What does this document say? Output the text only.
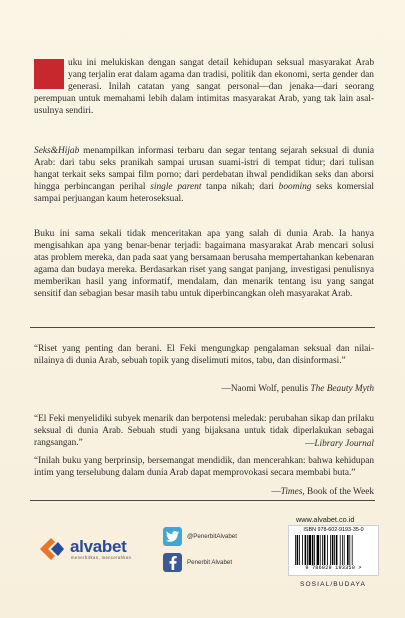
uku ini melukiskan dengan sangat detail kehidupan seksual masyarakat Arab yang terjalin erat dalam agama dan tradisi, politik dan ekonomi, serta gender dan generasi. Inilah catatan yang sangat personal—dan jenaka—dari seorang perempuan untuk memahami lebih dalam intimitas masyarakat Arab, yang tak lain asal-usulnya sendiri.

Seks&Hijab menampilkan informasi terbaru dan segar tentang sejarah seksual di dunia Arab: dari tabu seks pranikah sampai urusan suami-istri di tempat tidur; dari tulisan hangat terkait seks sampai film porno; dari perdebatan ihwal pendidikan seks dan aborsi hingga perbincangan perihal single parent tanpa nikah; dari booming seks komersial sampai perjuangan kaum heteroseksual.

Buku ini sama sekali tidak menceritakan apa yang salah di dunia Arab. Ia hanya mengisahkan apa yang benar-benar terjadi: bagaimana masyarakat Arab mencari solusi atas problem mereka, dan pada saat yang bersamaan berusaha mempertahankan kebenaran agama dan budaya mereka. Berdasarkan riset yang sangat panjang, investigasi penulisnya memberikan hasil yang informatif, mendalam, dan menarik tentang isu yang sangat sensitif dan sebagian besar masih tabu untuk diperbincangkan oleh masyarakat Arab.

“Riset yang penting dan berani. El Feki mengungkap pengalaman seksual dan nilai-nilainya di dunia Arab, sebuah topik yang diselimuti mitos, tabu, dan disinformasi.”

—Naomi Wolf, penulis The Beauty Myth

“El Feki menyelidiki subyek menarik dan berpotensi meledak: perubahan sikap dan prilaku seksual di dunia Arab. Sebuah studi yang bijaksana untuk tidak diperlakukan sebagai rangsangan.”	—Library Journal

“Inilah buku yang berprinsip, bersemangat mendidik, dan mencerahkan: bahwa kehidupan intim yang terselubung dalam dunia Arab dapat memprovokasi secara membabi buta.”

—Times, Book of the Week
alvabet
menerbitkan, mencerahkan
@PenerbitAlvabet
Penerbit Alvabet
www.alvabet.co.id
ISBN 978-602-9193-35-0
9 786029 193350 >
SOSIAL/BUDAYA
